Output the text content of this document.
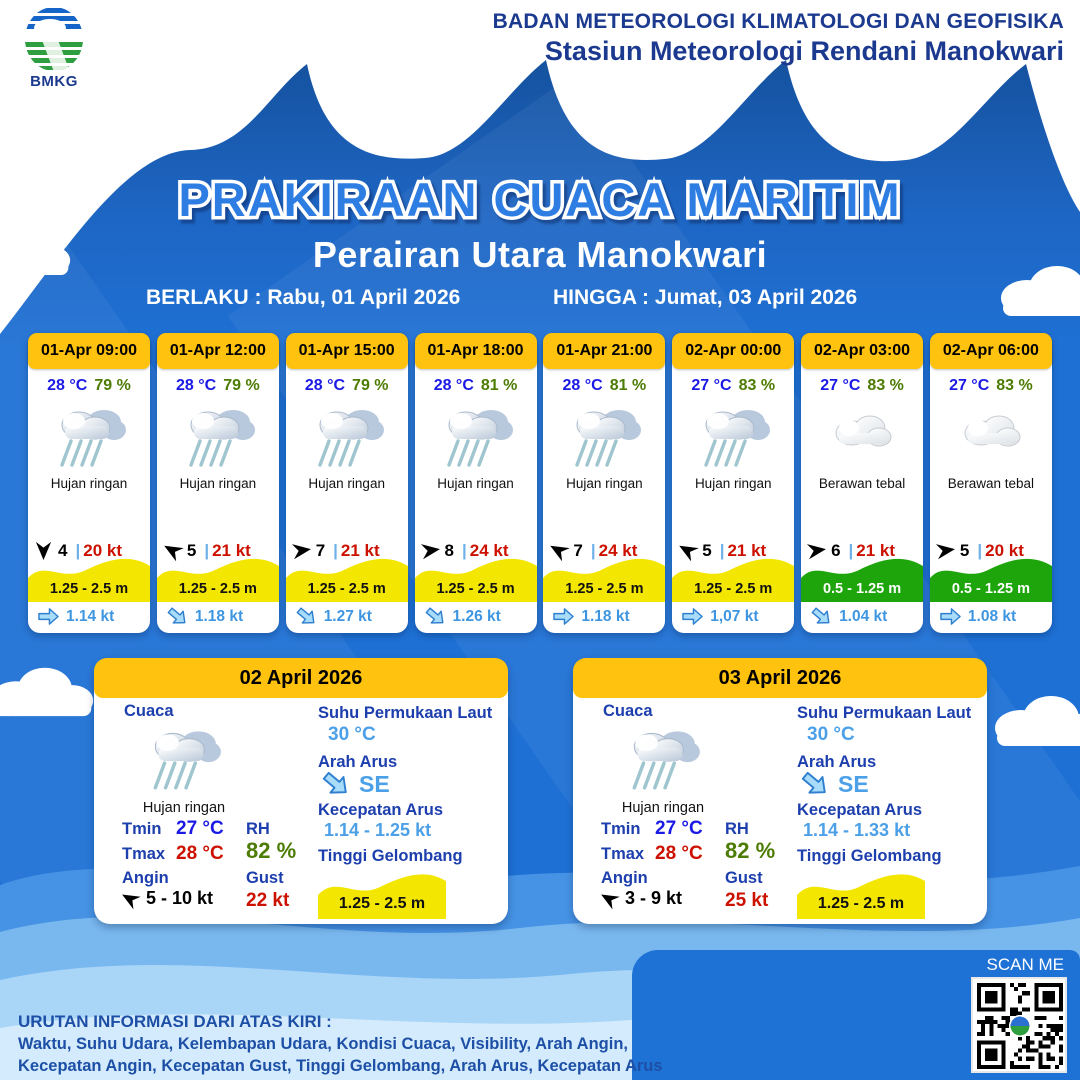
BMKG
BADAN METEOROLOGI KLIMATOLOGI DAN GEOFISIKA
Stasiun Meteorologi Rendani Manokwari
PRAKIRAAN CUACA MARITIM
Perairan Utara Manokwari
BERLAKU : Rabu, 01 April 2026	HINGGA : Jumat, 03 April 2026
01-Apr 09:00
28 °C 79 %
Hujan ringan
4 | 20 kt
1.25 - 2.5 m
1.14 kt
01-Apr 12:00
28 °C 79 %
Hujan ringan
5 | 21 kt
1.25 - 2.5 m
1.18 kt
01-Apr 15:00
28 °C 79 %
Hujan ringan
7 | 21 kt
1.25 - 2.5 m
1.27 kt
01-Apr 18:00
28 °C 81 %
Hujan ringan
8 | 24 kt
1.25 - 2.5 m
1.26 kt
01-Apr 21:00
28 °C 81 %
Hujan ringan
7 | 24 kt
1.25 - 2.5 m
1.18 kt
02-Apr 00:00
27 °C 83 %
Hujan ringan
5 | 21 kt
1.25 - 2.5 m
1,07 kt
02-Apr 03:00
27 °C 83 %
Berawan tebal
6 | 21 kt
0.5 - 1.25 m
1.04 kt
02-Apr 06:00
27 °C 83 %
Berawan tebal
5 | 20 kt
0.5 - 1.25 m
1.08 kt
02 April 2026
Cuaca
Hujan ringan
Tmin 27 °C
Tmax 28 °C
Angin
5 - 10 kt
RH
82 %
Gust
22 kt
Suhu Permukaan Laut
30 °C
Arah Arus
SE
Kecepatan Arus
1.14 - 1.25 kt
Tinggi Gelombang
1.25 - 2.5 m
03 April 2026
Cuaca
Hujan ringan
Tmin 27 °C
Tmax 28 °C
Angin
3 - 9 kt
RH
82 %
Gust
25 kt
Suhu Permukaan Laut
30 °C
Arah Arus
SE
Kecepatan Arus
1.14 - 1.33 kt
Tinggi Gelombang
1.25 - 2.5 m
URUTAN INFORMASI DARI ATAS KIRI :
Waktu, Suhu Udara, Kelembapan Udara, Kondisi Cuaca, Visibility, Arah Angin,
Kecepatan Angin, Kecepatan Gust, Tinggi Gelombang, Arah Arus, Kecepatan Arus
SCAN ME
